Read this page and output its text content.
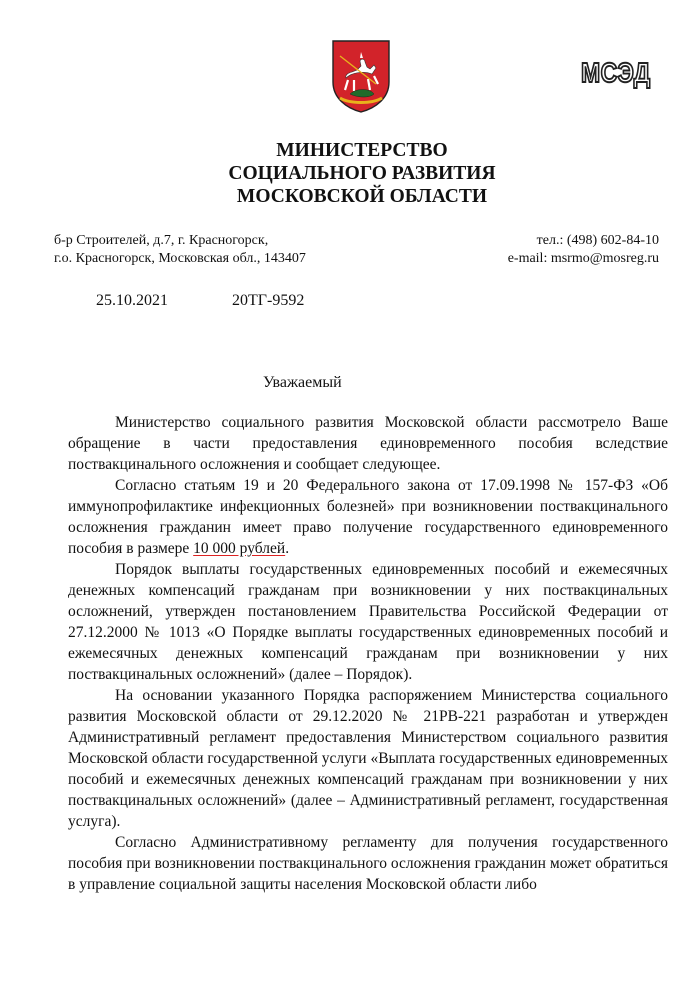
МСЭД
МИНИСТЕРСТВО
СОЦИАЛЬНОГО РАЗВИТИЯ
МОСКОВСКОЙ ОБЛАСТИ
б-р Строителей, д.7, г. Красногорск,
г.о. Красногорск, Московская обл., 143407
тел.: (498) 602-84-10
e-mail: msrmo@mosreg.ru
25.10.2021	20ТГ-9592
Уважаемый

Министерство социального развития Московской области рассмотрело Ваше обращение в части предоставления единовременного пособия вследствие поствакцинального осложнения и сообщает следующее.

Согласно статьям 19 и 20 Федерального закона от 17.09.1998 № 157-ФЗ «Об иммунопрофилактике инфекционных болезней» при возникновении поствакцинального осложнения гражданин имеет право получение государственного единовременного пособия в размере 10 000 рублей.

Порядок выплаты государственных единовременных пособий и ежемесячных денежных компенсаций гражданам при возникновении у них поствакцинальных осложнений, утвержден постановлением Правительства Российской Федерации от 27.12.2000 № 1013 «О Порядке выплаты государственных единовременных пособий и ежемесячных денежных компенсаций гражданам при возникновении у них поствакцинальных осложнений» (далее – Порядок).

На основании указанного Порядка распоряжением Министерства социального развития Московской области от 29.12.2020 № 21РВ-221 разработан и утвержден Административный регламент предоставления Министерством социального развития Московской области государственной услуги «Выплата государственных единовременных пособий и ежемесячных денежных компенсаций гражданам при возникновении у них поствакцинальных осложнений» (далее – Административный регламент, государственная услуга).

Согласно Административному регламенту для получения государственного пособия при возникновении поствакцинального осложнения гражданин может обратиться в управление социальной защиты населения Московской области либо
